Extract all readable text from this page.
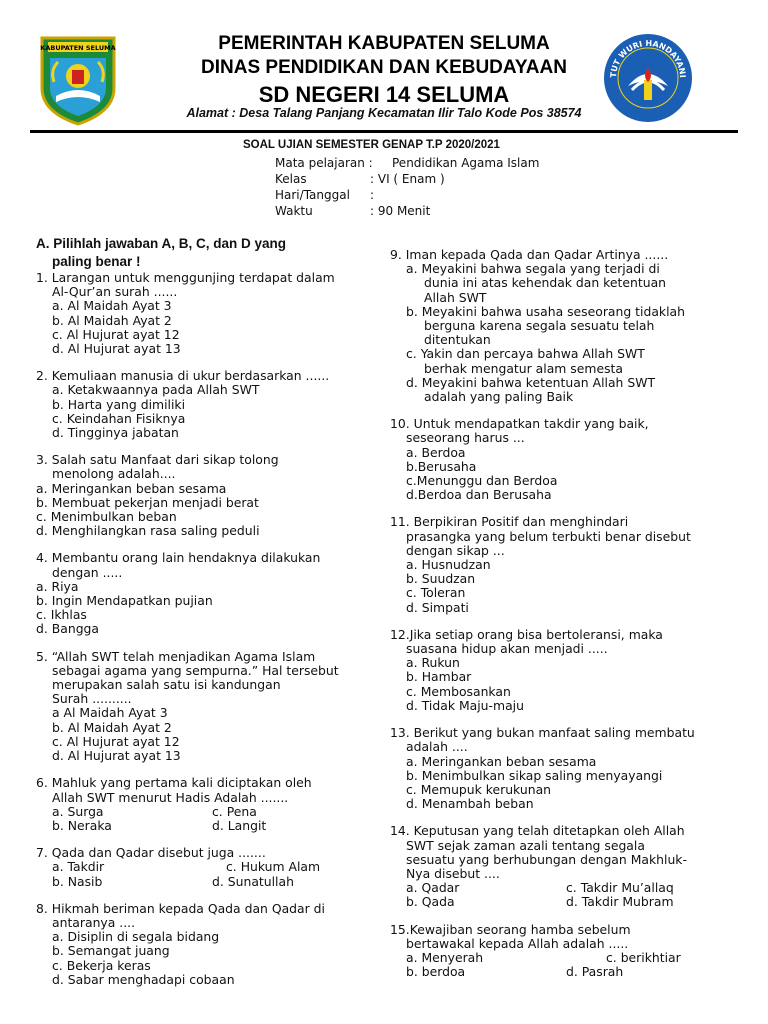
KABUPATEN SELUMA	PEMERINTAH KABUPATEN SELUMA
DINAS PENDIDIKAN DAN KEBUDAYAAN
SD NEGERI 14 SELUMA
Alamat : Desa Talang Panjang Kecamatan Ilir Talo Kode Pos 38574
TUT WURI HANDAYANI
SOAL UJIAN SEMESTER GENAP T.P 2020/2021
Mata pelajaran : Pendidikan Agama Islam
Kelas	: VI ( Enam )
Hari/Tanggal :
Waktu	: 90 Menit
A. Pilihlah jawaban A, B, C, dan D yang
paling benar !
1. Larangan untuk menggunjing terdapat dalam
Al-Qur’an surah ......
a. Al Maidah Ayat 3
b. Al Maidah Ayat 2
c. Al Hujurat ayat 12
d. Al Hujurat ayat 13
2. Kemuliaan manusia di ukur berdasarkan ......
a. Ketakwaannya pada Allah SWT
b. Harta yang dimiliki
c. Keindahan Fisiknya
d. Tingginya jabatan
3. Salah satu Manfaat dari sikap tolong
menolong adalah....
a. Meringankan beban sesama
b. Membuat pekerjan menjadi berat
c. Menimbulkan beban
d. Menghilangkan rasa saling peduli
4. Membantu orang lain hendaknya dilakukan
dengan .....
a. Riya
b. Ingin Mendapatkan pujian
c. Ikhlas
d. Bangga
5. “Allah SWT telah menjadikan Agama Islam
sebagai agama yang sempurna.” Hal tersebut
merupakan salah satu isi kandungan
Surah ..........
a Al Maidah Ayat 3
b. Al Maidah Ayat 2
c. Al Hujurat ayat 12
d. Al Hujurat ayat 13
6. Mahluk yang pertama kali diciptakan oleh
Allah SWT menurut Hadis Adalah .......
a. Surga	c. Pena
b. Neraka	d. Langit
7. Qada dan Qadar disebut juga .......
a. Takdir	c. Hukum Alam
b. Nasib	d. Sunatullah
8. Hikmah beriman kepada Qada dan Qadar di
antaranya ....
a. Disiplin di segala bidang
b. Semangat juang
c. Bekerja keras
d. Sabar menghadapi cobaan
9. Iman kepada Qada dan Qadar Artinya ......
a. Meyakini bahwa segala yang terjadi di
dunia ini atas kehendak dan ketentuan
Allah SWT
b. Meyakini bahwa usaha seseorang tidaklah
berguna karena segala sesuatu telah
ditentukan
c. Yakin dan percaya bahwa Allah SWT
berhak mengatur alam semesta
d. Meyakini bahwa ketentuan Allah SWT
adalah yang paling Baik
10. Untuk mendapatkan takdir yang baik,
seseorang harus ...
a. Berdoa
b.Berusaha
c.Menunggu dan Berdoa
d.Berdoa dan Berusaha
11. Berpikiran Positif dan menghindari
prasangka yang belum terbukti benar disebut
dengan sikap ...
a. Husnudzan
b. Suudzan
c. Toleran
d. Simpati
12.Jika setiap orang bisa bertoleransi, maka
suasana hidup akan menjadi .....
a. Rukun
b. Hambar
c. Membosankan
d. Tidak Maju-maju
13. Berikut yang bukan manfaat saling membatu
adalah ....
a. Meringankan beban sesama
b. Menimbulkan sikap saling menyayangi
c. Memupuk kerukunan
d. Menambah beban
14. Keputusan yang telah ditetapkan oleh Allah
SWT sejak zaman azali tentang segala
sesuatu yang berhubungan dengan Makhluk-
Nya disebut ....
a. Qadar	c. Takdir Mu’allaq
b. Qada	d. Takdir Mubram
15.Kewajiban seorang hamba sebelum
bertawakal kepada Allah adalah .....
a. Menyerah	c. berikhtiar
b. berdoa	d. Pasrah
